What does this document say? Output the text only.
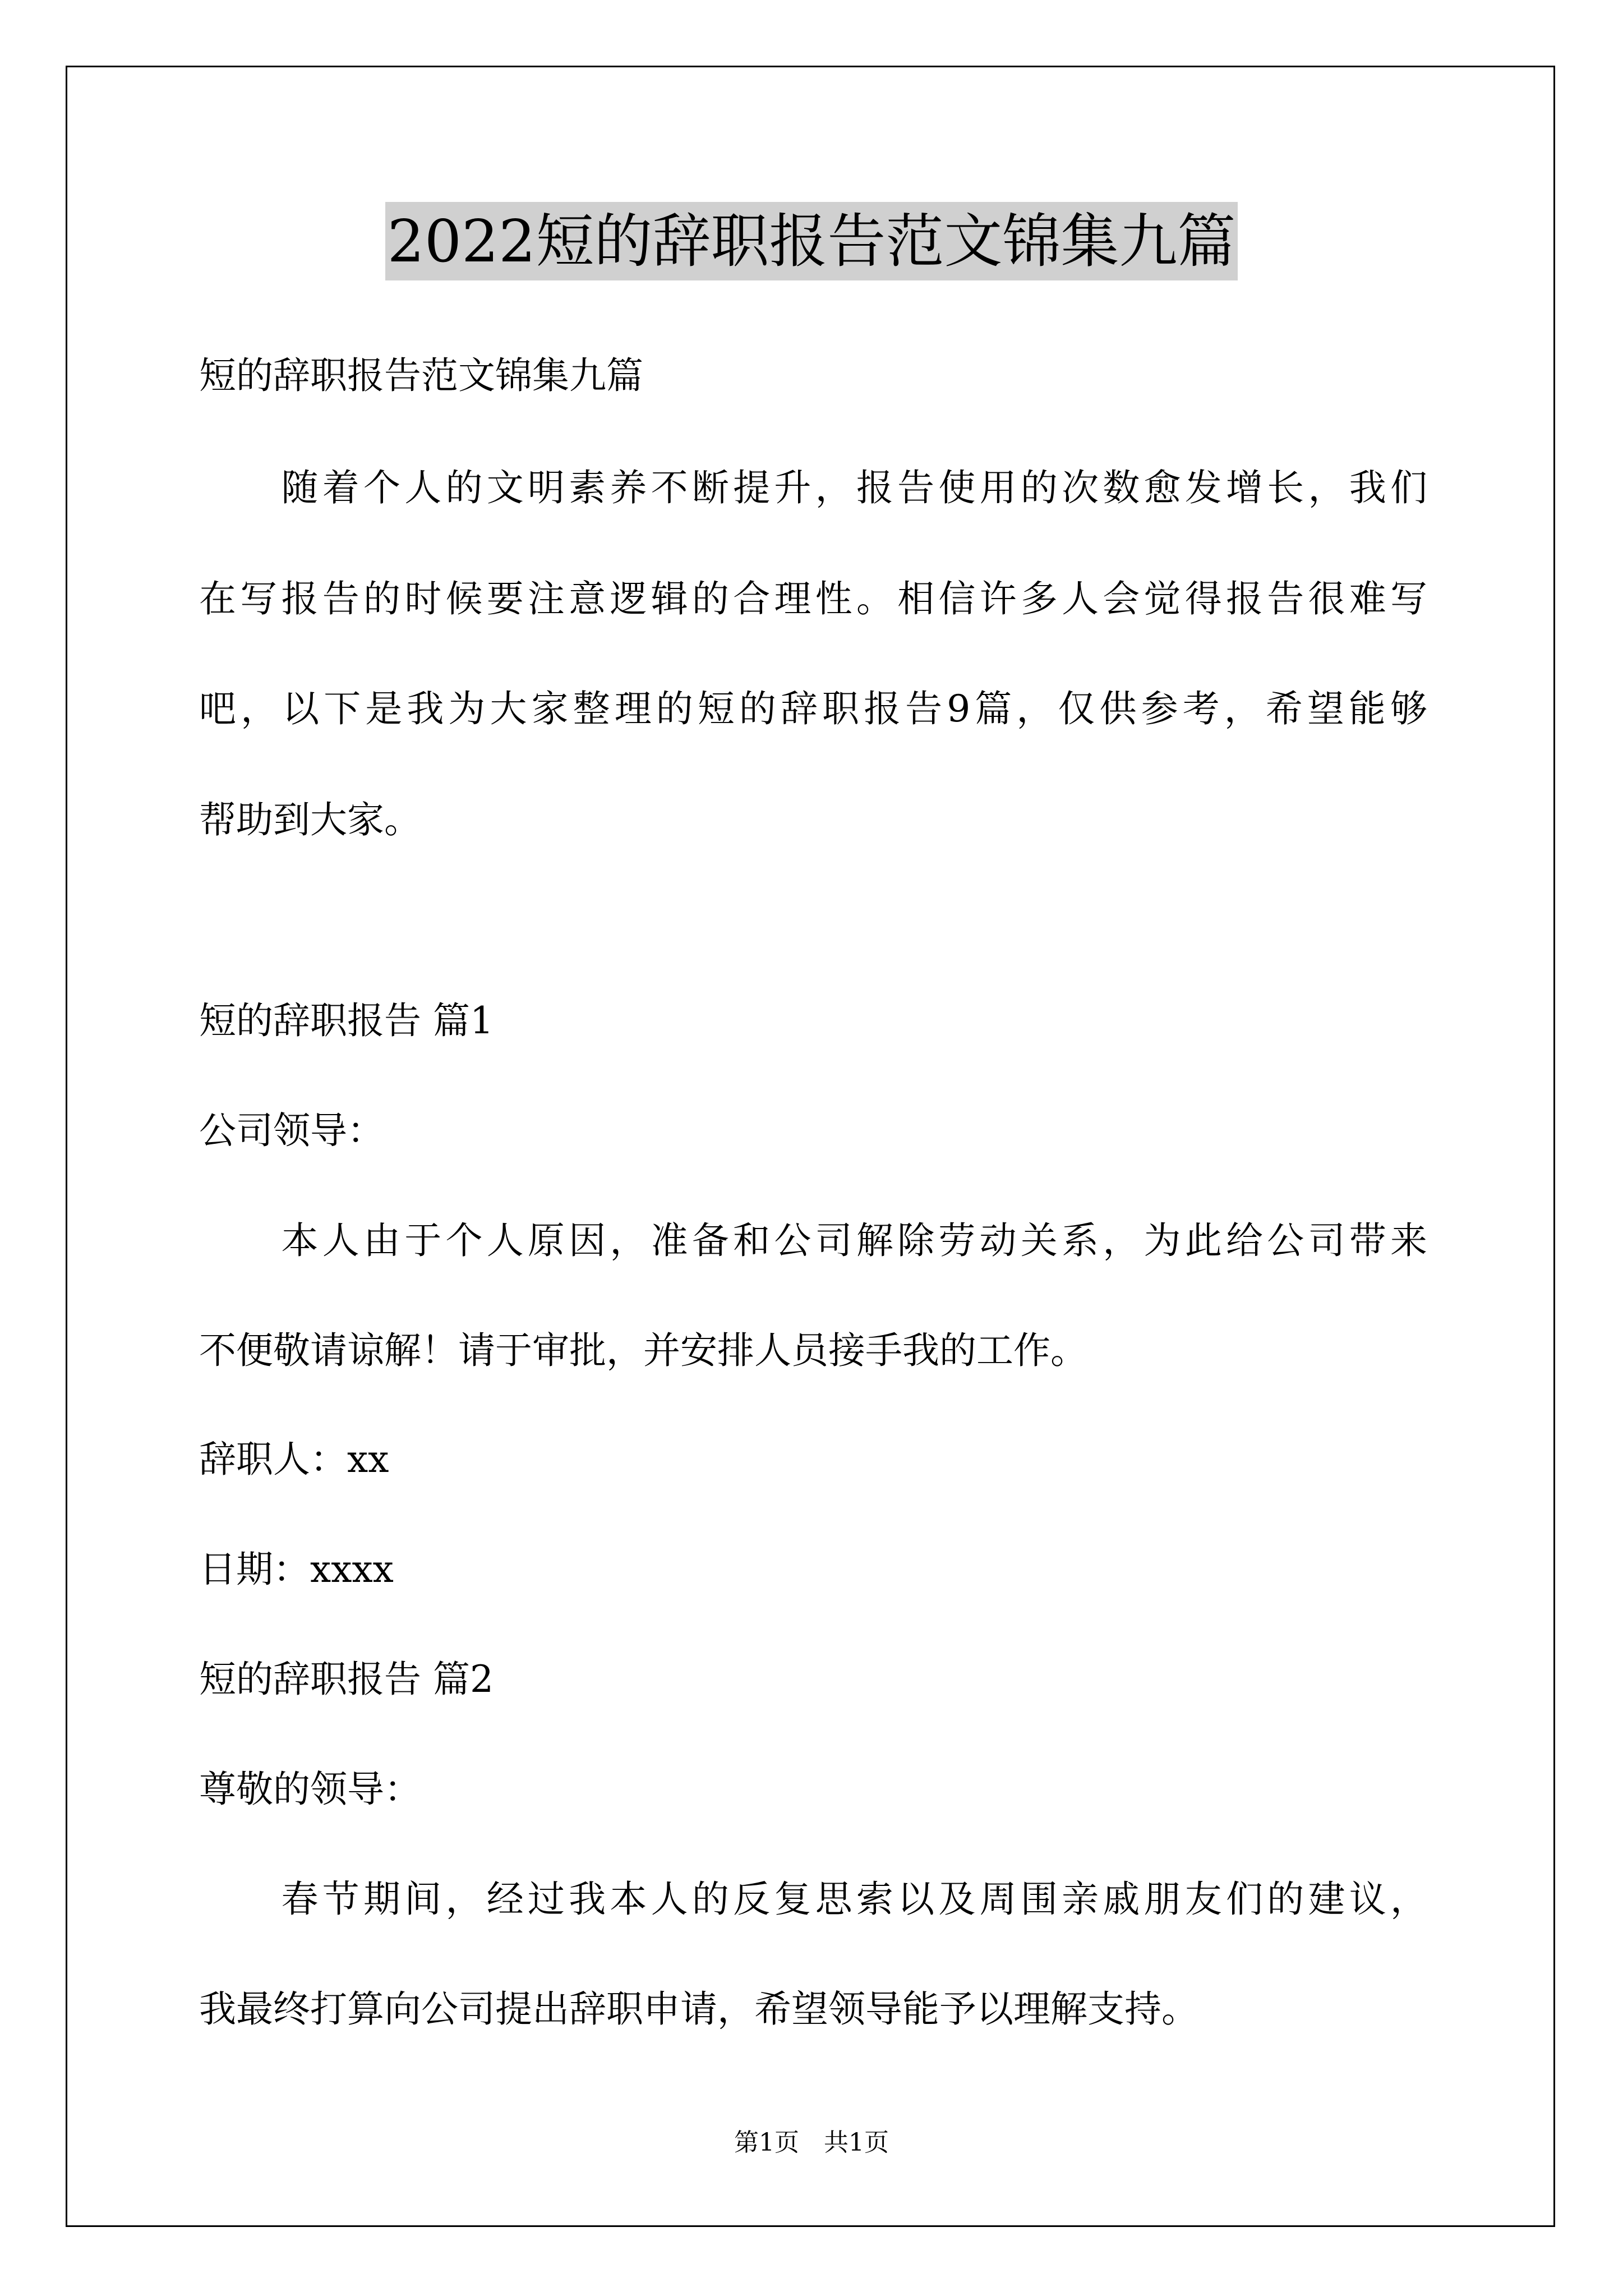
2022短的辞职报告范文锦集九篇
短的辞职报告范文锦集九篇
　　随着个人的文明素养不断提升，报告使用的次数愈发增长，我们
在写报告的时候要注意逻辑的合理性。相信许多人会觉得报告很难写
吧，以下是我为大家整理的短的辞职报告9篇，仅供参考，希望能够
帮助到大家。
短的辞职报告 篇1
公司领导：
　　本人由于个人原因，准备和公司解除劳动关系，为此给公司带来
不便敬请谅解！请于审批，并安排人员接手我的工作。
辞职人：xx
日期：xxxx
短的辞职报告 篇2
尊敬的领导：
　　春节期间，经过我本人的反复思索以及周围亲戚朋友们的建议，
我最终打算向公司提出辞职申请，希望领导能予以理解支持。
第1页　共1页
